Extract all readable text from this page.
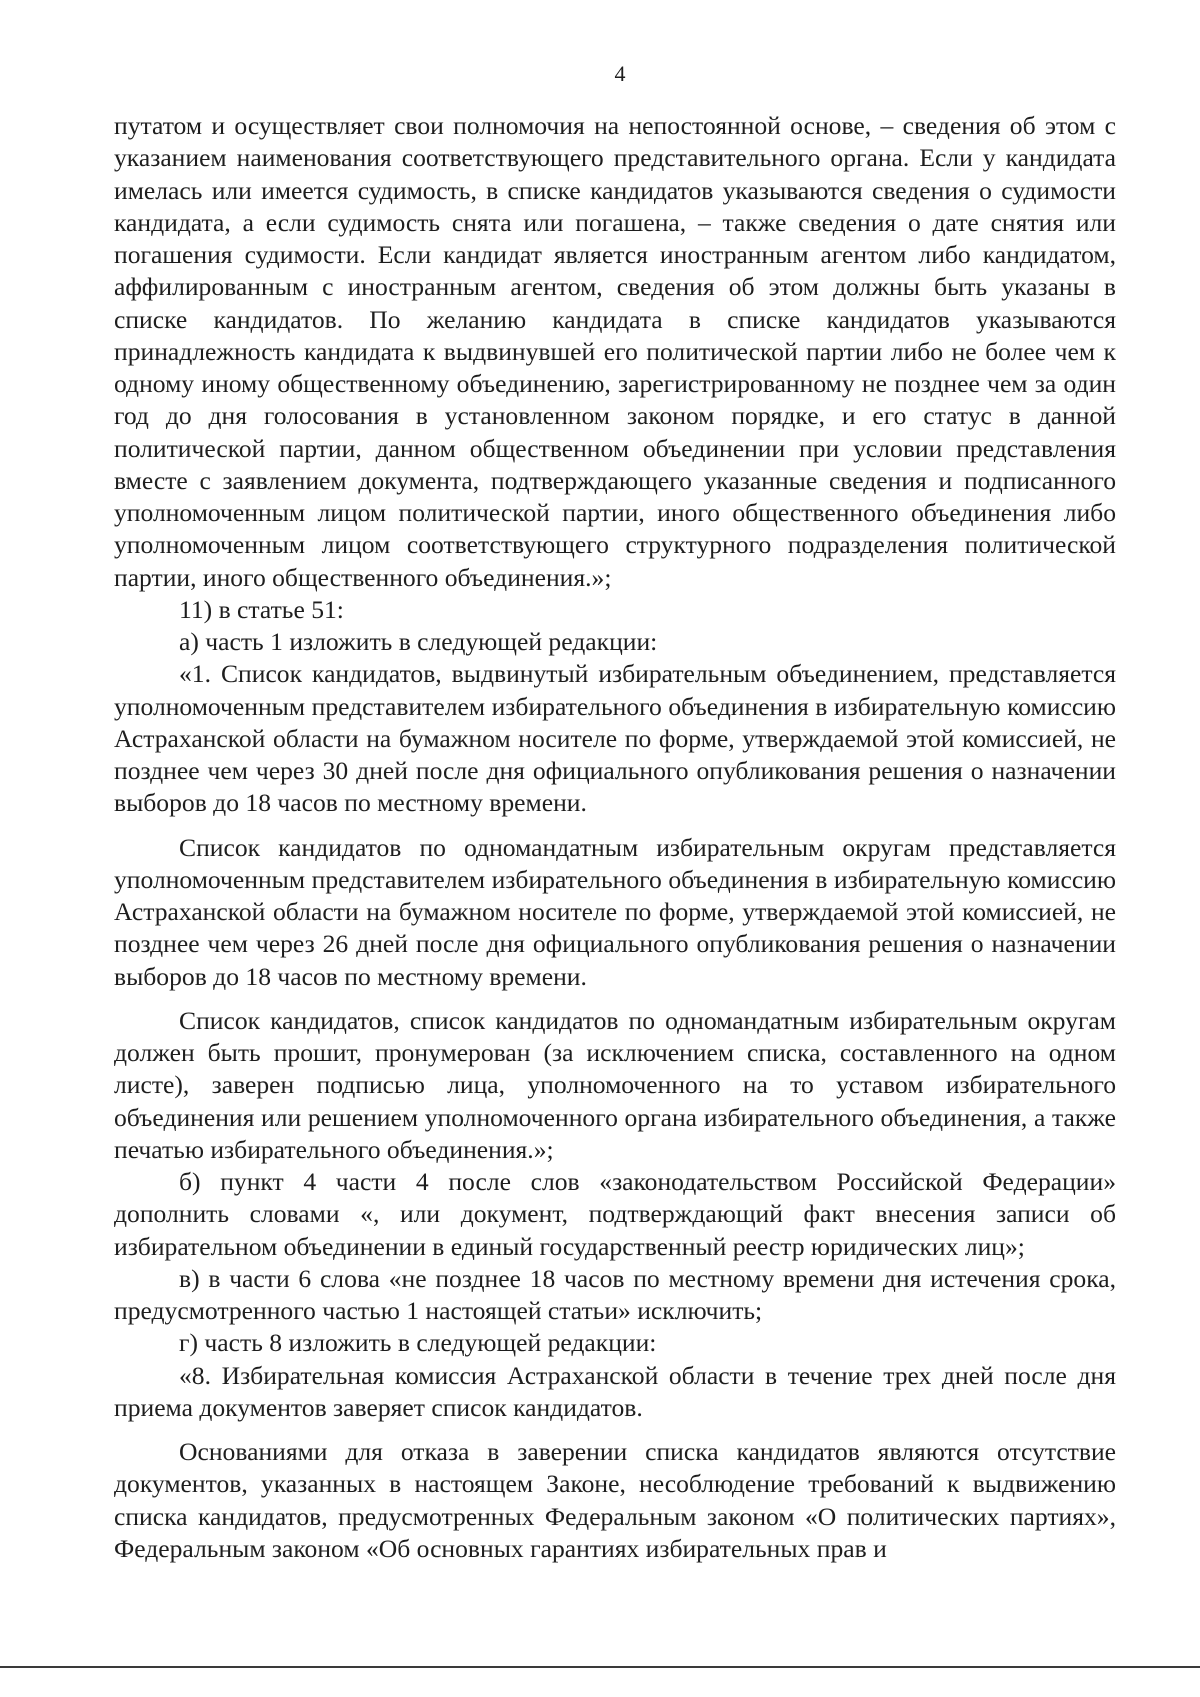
4

путатом и осуществляет свои полномочия на непостоянной основе, – сведения об этом с указанием наименования соответствующего представительного органа. Если у кандидата имелась или имеется судимость, в списке кандидатов указываются сведения о судимости кандидата, а если судимость снята или погашена, – также сведения о дате снятия или погашения судимости. Если кандидат является иностранным агентом либо кандидатом, аффилированным с иностранным агентом, сведения об этом должны быть указаны в списке кандидатов. По желанию кандидата в списке кандидатов указываются принадлежность кандидата к выдвинувшей его политической партии либо не более чем к одному иному общественному объединению, зарегистрированному не позднее чем за один год до дня голосования в установленном законом порядке, и его статус в данной политической партии, данном общественном объединении при условии представления вместе с заявлением документа, подтверждающего указанные сведения и подписанного уполномоченным лицом политической партии, иного общественного объединения либо уполномоченным лицом соответствующего структурного подразделения политической партии, иного общественного объединения.»;

11) в статье 51:

а) часть 1 изложить в следующей редакции:

«1. Список кандидатов, выдвинутый избирательным объединением, представляется уполномоченным представителем избирательного объединения в избирательную комиссию Астраханской области на бумажном носителе по форме, утверждаемой этой комиссией, не позднее чем через 30 дней после дня официального опубликования решения о назначении выборов до 18 часов по местному времени.

Список кандидатов по одномандатным избирательным округам представляется уполномоченным представителем избирательного объединения в избирательную комиссию Астраханской области на бумажном носителе по форме, утверждаемой этой комиссией, не позднее чем через 26 дней после дня официального опубликования решения о назначении выборов до 18 часов по местному времени.

Список кандидатов, список кандидатов по одномандатным избирательным округам должен быть прошит, пронумерован (за исключением списка, составленного на одном листе), заверен подписью лица, уполномоченного на то уставом избирательного объединения или решением уполномоченного органа избирательного объединения, а также печатью избирательного объединения.»;

б) пункт 4 части 4 после слов «законодательством Российской Федерации» дополнить словами «, или документ, подтверждающий факт внесения записи об избирательном объединении в единый государственный реестр юридических лиц»;

в) в части 6 слова «не позднее 18 часов по местному времени дня истечения срока, предусмотренного частью 1 настоящей статьи» исключить;

г) часть 8 изложить в следующей редакции:

«8. Избирательная комиссия Астраханской области в течение трех дней после дня приема документов заверяет список кандидатов.

Основаниями для отказа в заверении списка кандидатов являются отсутствие документов, указанных в настоящем Законе, несоблюдение требований к выдвижению списка кандидатов, предусмотренных Федеральным законом «О политических партиях», Федеральным законом «Об основных гарантиях избирательных прав и
